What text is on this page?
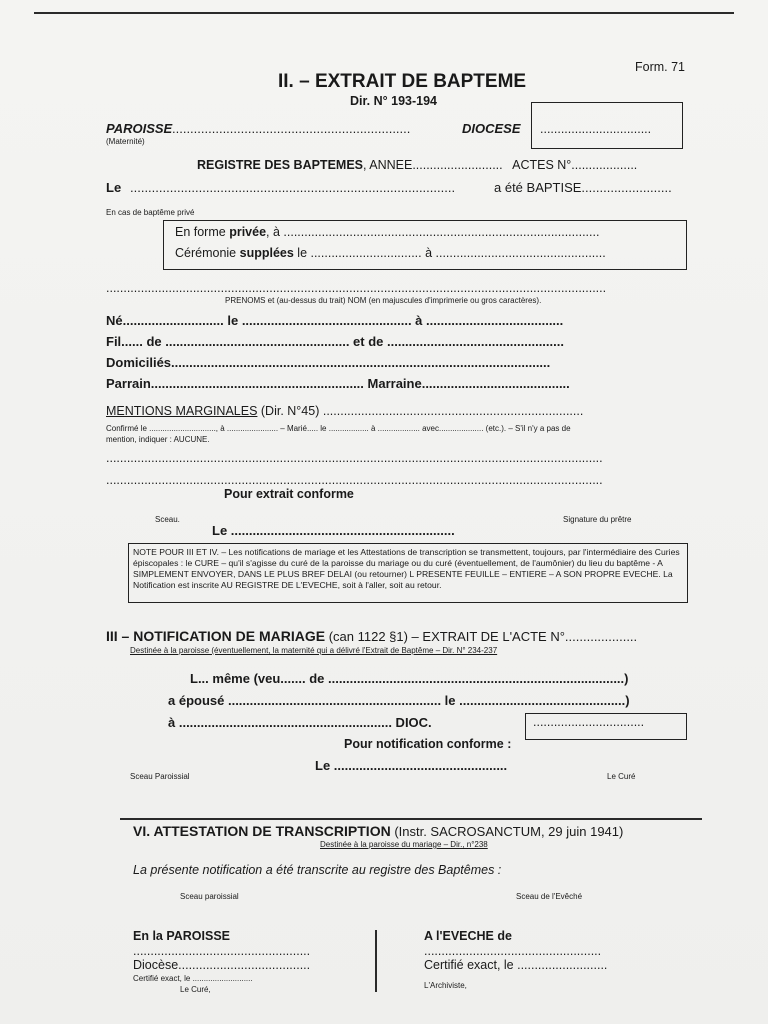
Form. 71
II. – EXTRAIT DE BAPTEME
Dir. N° 193-194
................................
PAROISSE ..................................................................	DIOCESE
(Maternité)
REGISTRE DES BAPTEMES, ANNEE.......................... ACTES N°...................
Le ..........................................................................................	a été BAPTISE.........................
En cas de baptême privé
En forme privée, à ...........................................................................................
Cérémonie supplées le ................................ à .................................................
................................................................................................................................................
PRENOMS et (au-dessus du trait) NOM (en majuscules d'imprimerie ou gros caractères).
Né............................ le ............................................... à ......................................
Fil...... de ................................................... et de .................................................
Domiciliés.........................................................................................................
Parrain........................................................... Marraine.........................................
MENTIONS MARGINALES (Dir. N°45) ...........................................................................
Confirmé le .............................., à ....................... – Marié..... le .................. à ................... avec.................... (etc.). – S'il n'y a pas de
mention, indiquer : AUCUNE.
...............................................................................................................................................
...............................................................................................................................................
Pour extrait conforme
Sceau.	Signature du prêtre
Le ..............................................................
NOTE POUR III ET IV. – Les notifications de mariage et les Attestations de transcription se transmettent, toujours, par l'intermédiaire des Curies épiscopales : le CURE – qu'il s'agisse du curé de la paroisse du mariage ou du curé (éventuellement, de l'aumônier) du lieu du baptême - A SIMPLEMENT ENVOYER, DANS LE PLUS BREF DELAI (ou retourner) L PRESENTE FEUILLE – ENTIERE – A SON PROPRE EVECHE. La Notification est inscrite AU REGISTRE DE L'EVECHE, soit à l'aller, soit au retour.
III – NOTIFICATION DE MARIAGE (can 1122 §1) – EXTRAIT DE L'ACTE N°....................
Destinée à la paroisse (éventuellement, la maternité qui a délivré l'Extrait de Baptême – Dir. N° 234-237
L... même (veu....... de ..................................................................................)
a épousé ........................................................... le ..............................................)
à ........................................................... DIOC.	................................
Pour notification conforme :
Le ................................................
Sceau Paroissial	Le Curé
VI. ATTESTATION DE TRANSCRIPTION (Instr. SACROSANCTUM, 29 juin 1941)
Destinée à la paroisse du mariage – Dir., n°238
La présente notification a été transcrite au registre des Baptêmes :
Sceau paroissial	Sceau de l'Evêché
En la PAROISSE
...................................................
Diocèse......................................
Certifié exact, le ...........................
Le Curé,
A l'EVECHE de
...................................................
Certifié exact, le ..........................
L'Archiviste,
